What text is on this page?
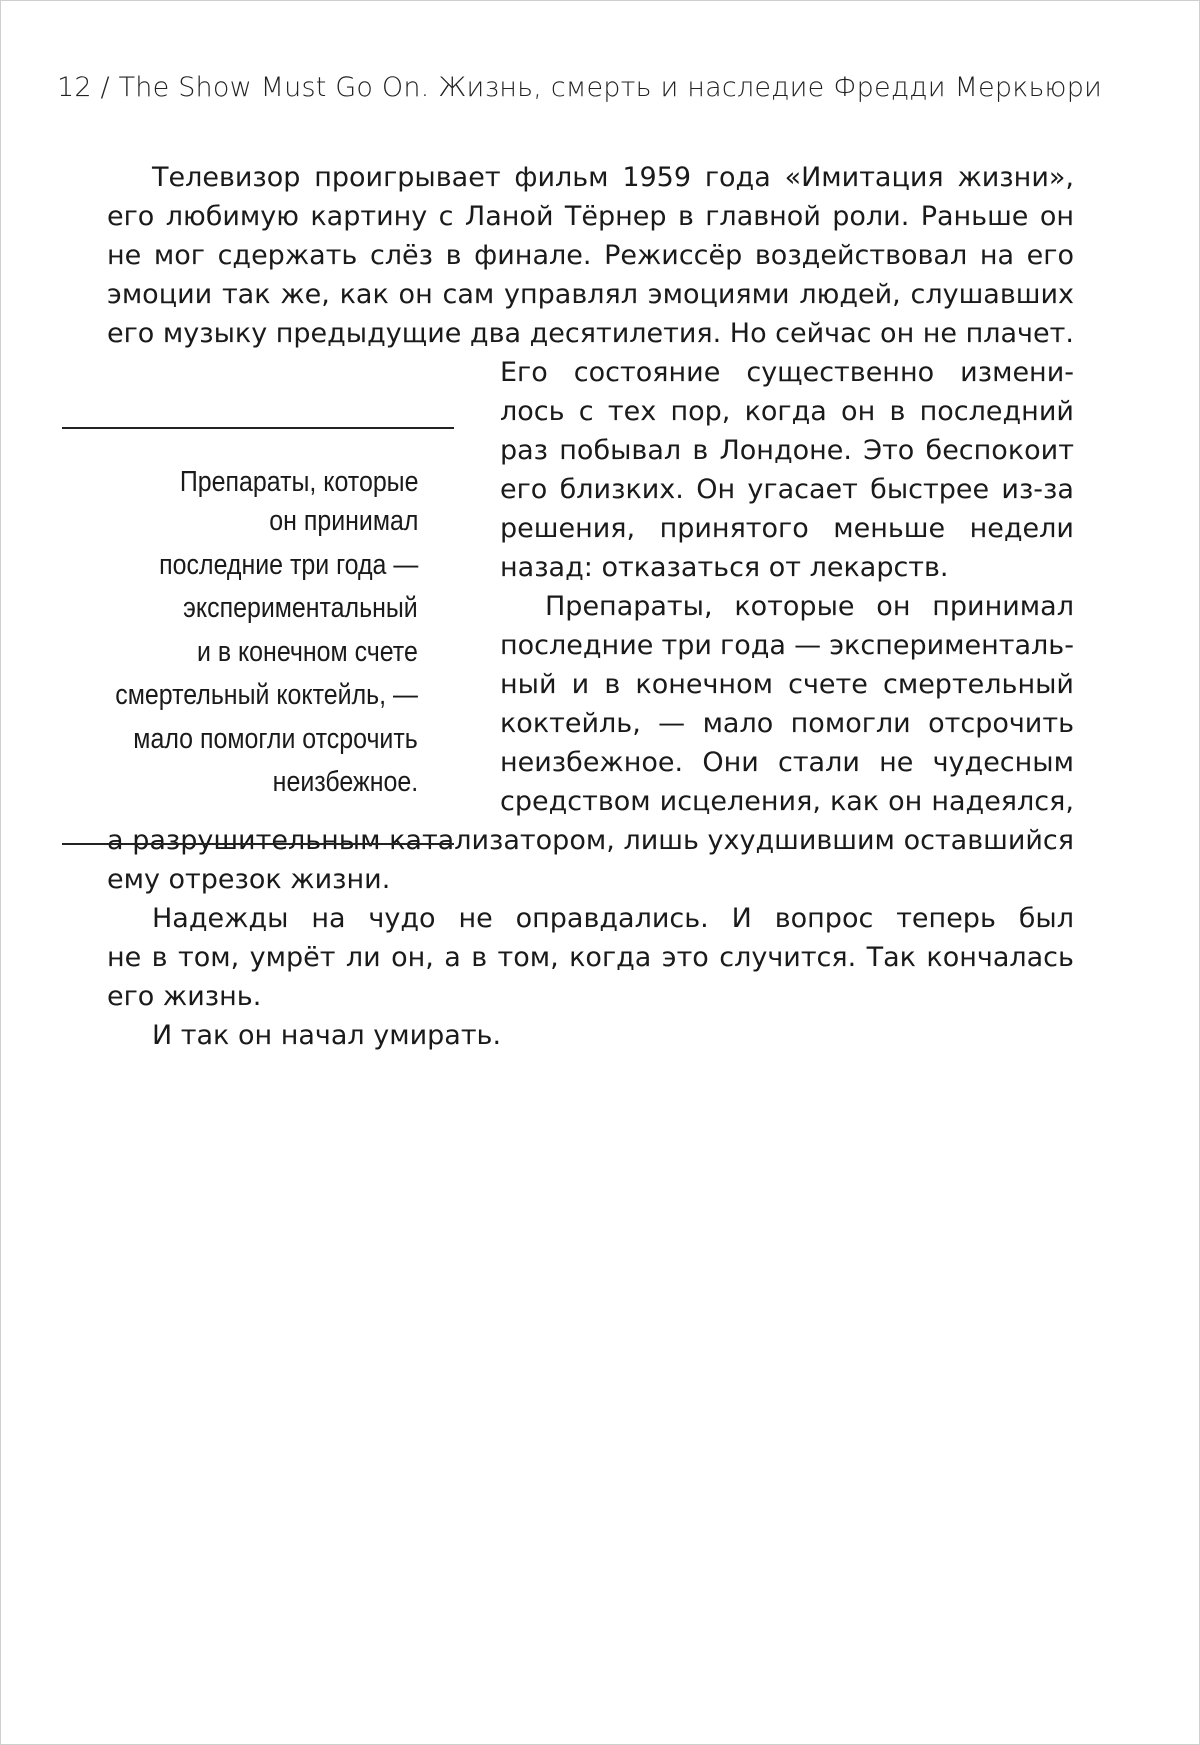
12 / The Show Must Go On. Жизнь, смерть и наследие Фредди Меркьюри
Телевизор проигрывает фильм 1959 года «Имитация жизни»,
его любимую картину с Ланой Тёрнер в главной роли. Раньше он
не мог сдержать слёз в финале. Режиссёр воздействовал на его
эмоции так же, как он сам управлял эмоциями людей, слушавших
его музыку предыдущие два десятилетия. Но сейчас он не плачет.
Его состояние существенно измени-
лось с тех пор, когда он в последний
раз побывал в Лондоне. Это беспокоит
его близких. Он угасает быстрее из-за
решения, принятого меньше недели
назад: отказаться от лекарств.
Препараты, которые он принимал
последние три года — эксперименталь-
ный и в конечном счете смертельный
коктейль, — мало помогли отсрочить
неизбежное. Они стали не чудесным
средством исцеления, как он надеялся,
а разрушительным катализатором, лишь ухудшившим оставшийся
ему отрезок жизни.
Надежды на чудо не оправдались. И вопрос теперь был
не в том, умрёт ли он, а в том, когда это случится. Так кончалась
его жизнь.
И так он начал умирать.
Препараты, которые
он принимал
последние три года —
экспериментальный
и в конечном счете
смертельный коктейль, —
мало помогли отсрочить
неизбежное.
